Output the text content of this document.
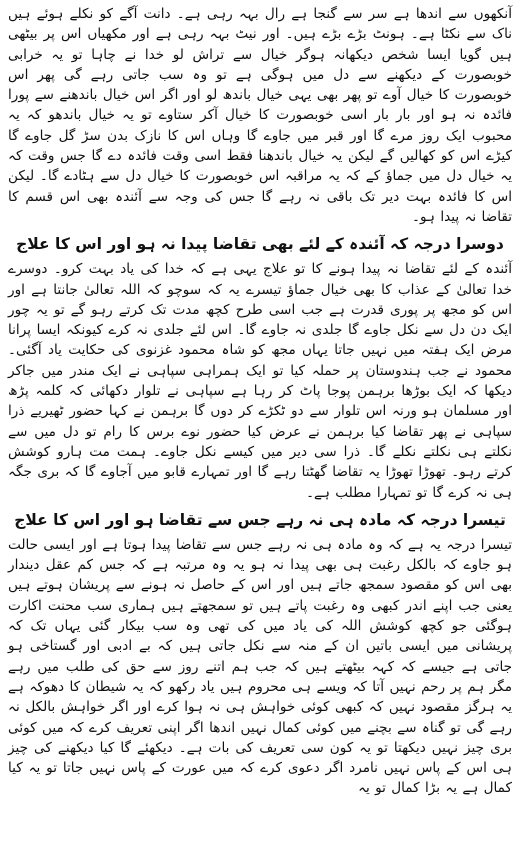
آنکھوں سے اندھا ہے سر سے گنجا ہے رال بہہ رہی ہے۔ دانت آگے کو نکلے ہوئے ہیں ناک سے نکٹا ہے۔ ہونٹ بڑے بڑے ہیں۔ اور نیٹ بہہ رہی ہے اور مکھیاں اس پر بیٹھی ہیں گویا ایسا شخص دیکھانہ ہوگر خیال سے تراش لو خدا نے چاہا تو یہ خرابی خوبصورت کے دیکھنے سے دل میں ہوگی ہے تو وہ سب جاتی رہے گی پھر اس خوبصورت کا خیال آوے تو پھر بھی یہی خیال باندھ لو اور اگر اس خیال باندھنے سے پورا فائدہ نہ ہو اور بار بار اسی خوبصورت کا خیال آکر ستاوے تو یہ خیال باندھو کہ یہ محبوب ایک روز مرے گا اور قبر میں جاوے گا وہاں اس کا نازک بدن سڑ گل جاوے گا کیڑے اس کو کھالیں گے لیکن یہ خیال باندھنا فقط اسی وقت فائدہ دے گا جس وقت کہ یہ خیال دل میں جماؤ کے کہ یہ مراقبہ اس خوبصورت کا خیال دل سے ہٹادے گا۔ لیکن اس کا فائدہ بہت دیر تک باقی نہ رہے گا جس کی وجہ سے آئندہ بھی اس قسم کا تقاضا نہ پیدا ہو۔

دوسرا درجہ کہ آئندہ کے لئے بھی تقاضا پیدا نہ ہو اور اس کا علاج

آئندہ کے لئے تقاضا نہ پیدا ہونے کا تو علاج یہی ہے کہ خدا کی یاد بہت کرو۔ دوسرے خدا تعالیٰ کے عذاب کا بھی خیال جماؤ تیسرے یہ کہ سوچو کہ اللہ تعالیٰ جانتا ہے اور اس کو مجھ پر پوری قدرت ہے جب اسی طرح کچھ مدت تک کرتے رہو گے تو یہ چور ایک دن دل سے نکل جاوے گا جلدی نہ جاوے گا۔ اس لئے جلدی نہ کرے کیونکہ ایسا پرانا مرض ایک ہفتہ میں نہیں جاتا یہاں مجھ کو شاہ محمود غزنوی کی حکایت یاد آگئی۔ محمود نے جب ہندوستان پر حملہ کیا تو ایک ہمراہی سپاہی نے ایک مندر میں جاکر دیکھا کہ ایک بوڑھا برہمن پوجا پاٹ کر رہا ہے سپاہی نے تلوار دکھائی کہ کلمہ پڑھ اور مسلمان ہو ورنہ اس تلوار سے دو ٹکڑے کر دوں گا برہمن نے کہا حضور ٹھیریے ذرا سپاہی نے پھر تقاضا کیا برہمن نے عرض کیا حضور نوے برس کا رام تو دل میں سے نکلتے ہی نکلتے نکلے گا۔ ذرا سی دیر میں کیسے نکل جاوے۔ ہمت مت ہارو کوشش کرتے رہو۔ تھوڑا تھوڑا یہ تقاضا گھٹتا رہے گا اور تمہارے قابو میں آجاوے گا کہ بری جگہ ہی نہ کرے گا تو تمہارا مطلب ہے۔

تیسرا درجہ کہ مادہ ہی نہ رہے جس سے تقاضا ہو اور اس کا علاج

تیسرا درجہ یہ ہے کہ وہ مادہ ہی نہ رہے جس سے تقاضا پیدا ہوتا ہے اور ایسی حالت ہو جاوے کہ بالکل رغبت ہی بھی پیدا نہ ہو یہ وہ مرتبہ ہے کہ جس کم عقل دیندار بھی اس کو مقصود سمجھ جاتے ہیں اور اس کے حاصل نہ ہونے سے پریشان ہوتے ہیں یعنی جب اپنے اندر کبھی وہ رغبت پاتے ہیں تو سمجھتے ہیں ہماری سب محنت اکارت ہوگئی جو کچھ کوشش اللہ کی یاد میں کی تھی وہ سب بیکار گئی یہاں تک کہ پریشانی میں ایسی باتیں ان کے منہ سے نکل جاتی ہیں کہ بے ادبی اور گستاخی ہو جاتی ہے جیسے کہ کہہ بیٹھتے ہیں کہ جب ہم اتنے روز سے حق کی طلب میں رہے مگر ہم پر رحم نہیں آتا کہ ویسے ہی محروم ہیں یاد رکھو کہ یہ شیطان کا دھوکہ ہے یہ ہرگز مقصود نہیں کہ کبھی کوئی خواہش ہی نہ ہوا کرے اور اگر خواہش بالکل نہ رہے گی تو گناہ سے بچنے میں کوئی کمال نہیں اندھا اگر اپنی تعریف کرے کہ میں کوئی بری چیز نہیں دیکھتا تو یہ کون سی تعریف کی بات ہے۔ دیکھئے گا کیا دیکھنے کی چیز ہی اس کے پاس نہیں نامرد اگر دعوی کرے کہ میں عورت کے پاس نہیں جاتا تو یہ کیا کمال ہے یہ بڑا کمال تو یہ
